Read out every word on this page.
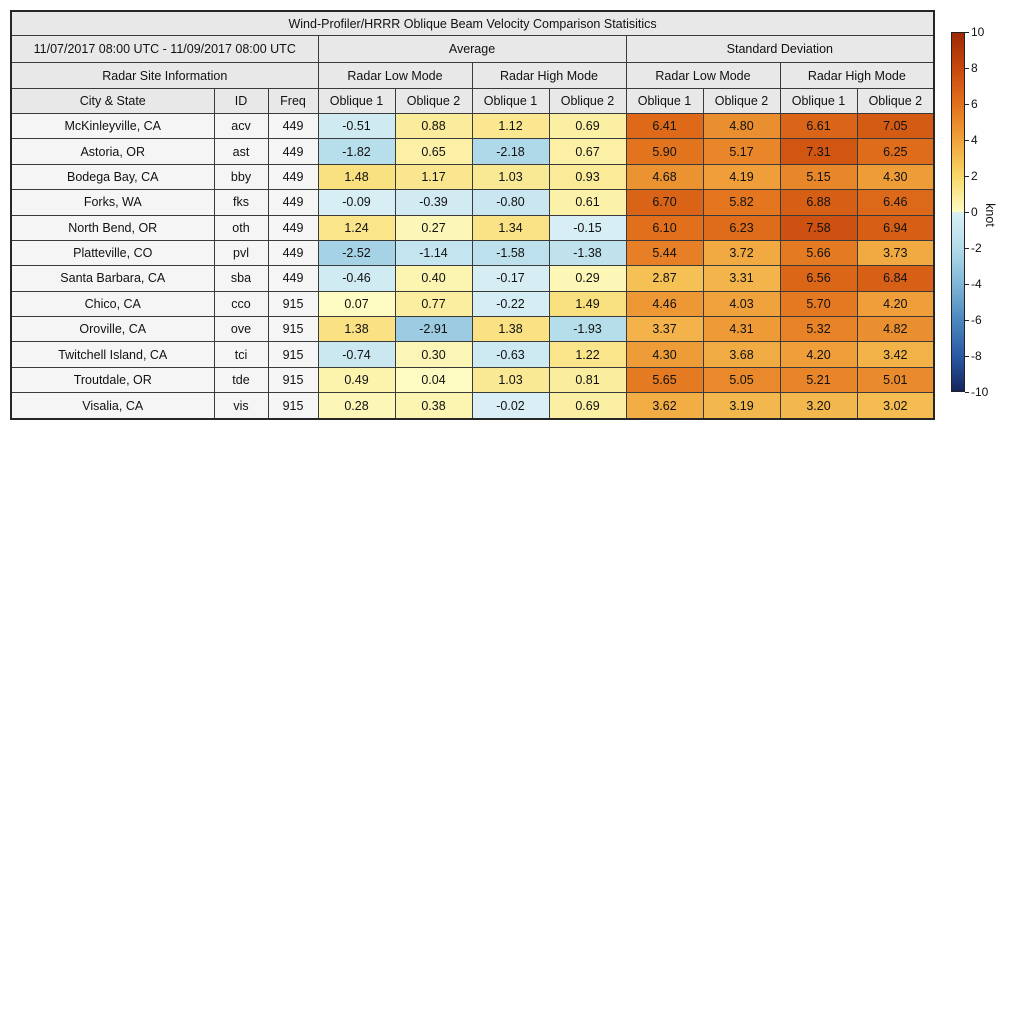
Wind-Profiler/HRRR Oblique Beam Velocity Comparison Statisitics										
11/07/2017 08:00 UTC - 11/09/2017 08:00 UTC			Average				Standard Deviation			
Radar Site Information			Radar Low Mode		Radar High Mode		Radar Low Mode		Radar High Mode	
City & State	ID	Freq	Oblique 1	Oblique 2	Oblique 1	Oblique 2	Oblique 1	Oblique 2	Oblique 1	Oblique 2
McKinleyville, CA	acv	449	-0.51	0.88	1.12	0.69	6.41	4.80	6.61	7.05
Astoria, OR	ast	449	-1.82	0.65	-2.18	0.67	5.90	5.17	7.31	6.25
Bodega Bay, CA	bby	449	1.48	1.17	1.03	0.93	4.68	4.19	5.15	4.30
Forks, WA	fks	449	-0.09	-0.39	-0.80	0.61	6.70	5.82	6.88	6.46
North Bend, OR	oth	449	1.24	0.27	1.34	-0.15	6.10	6.23	7.58	6.94
Platteville, CO	pvl	449	-2.52	-1.14	-1.58	-1.38	5.44	3.72	5.66	3.73
Santa Barbara, CA	sba	449	-0.46	0.40	-0.17	0.29	2.87	3.31	6.56	6.84
Chico, CA	cco	915	0.07	0.77	-0.22	1.49	4.46	4.03	5.70	4.20
Oroville, CA	ove	915	1.38	-2.91	1.38	-1.93	3.37	4.31	5.32	4.82
Twitchell Island, CA	tci	915	-0.74	0.30	-0.63	1.22	4.30	3.68	4.20	3.42
Troutdale, OR	tde	915	0.49	0.04	1.03	0.81	5.65	5.05	5.21	5.01
Visalia, CA	vis	915	0.28	0.38	-0.02	0.69	3.62	3.19	3.20	3.02
10
8
6
4
2
0
-2
-4
-6
-8
-10
knot
